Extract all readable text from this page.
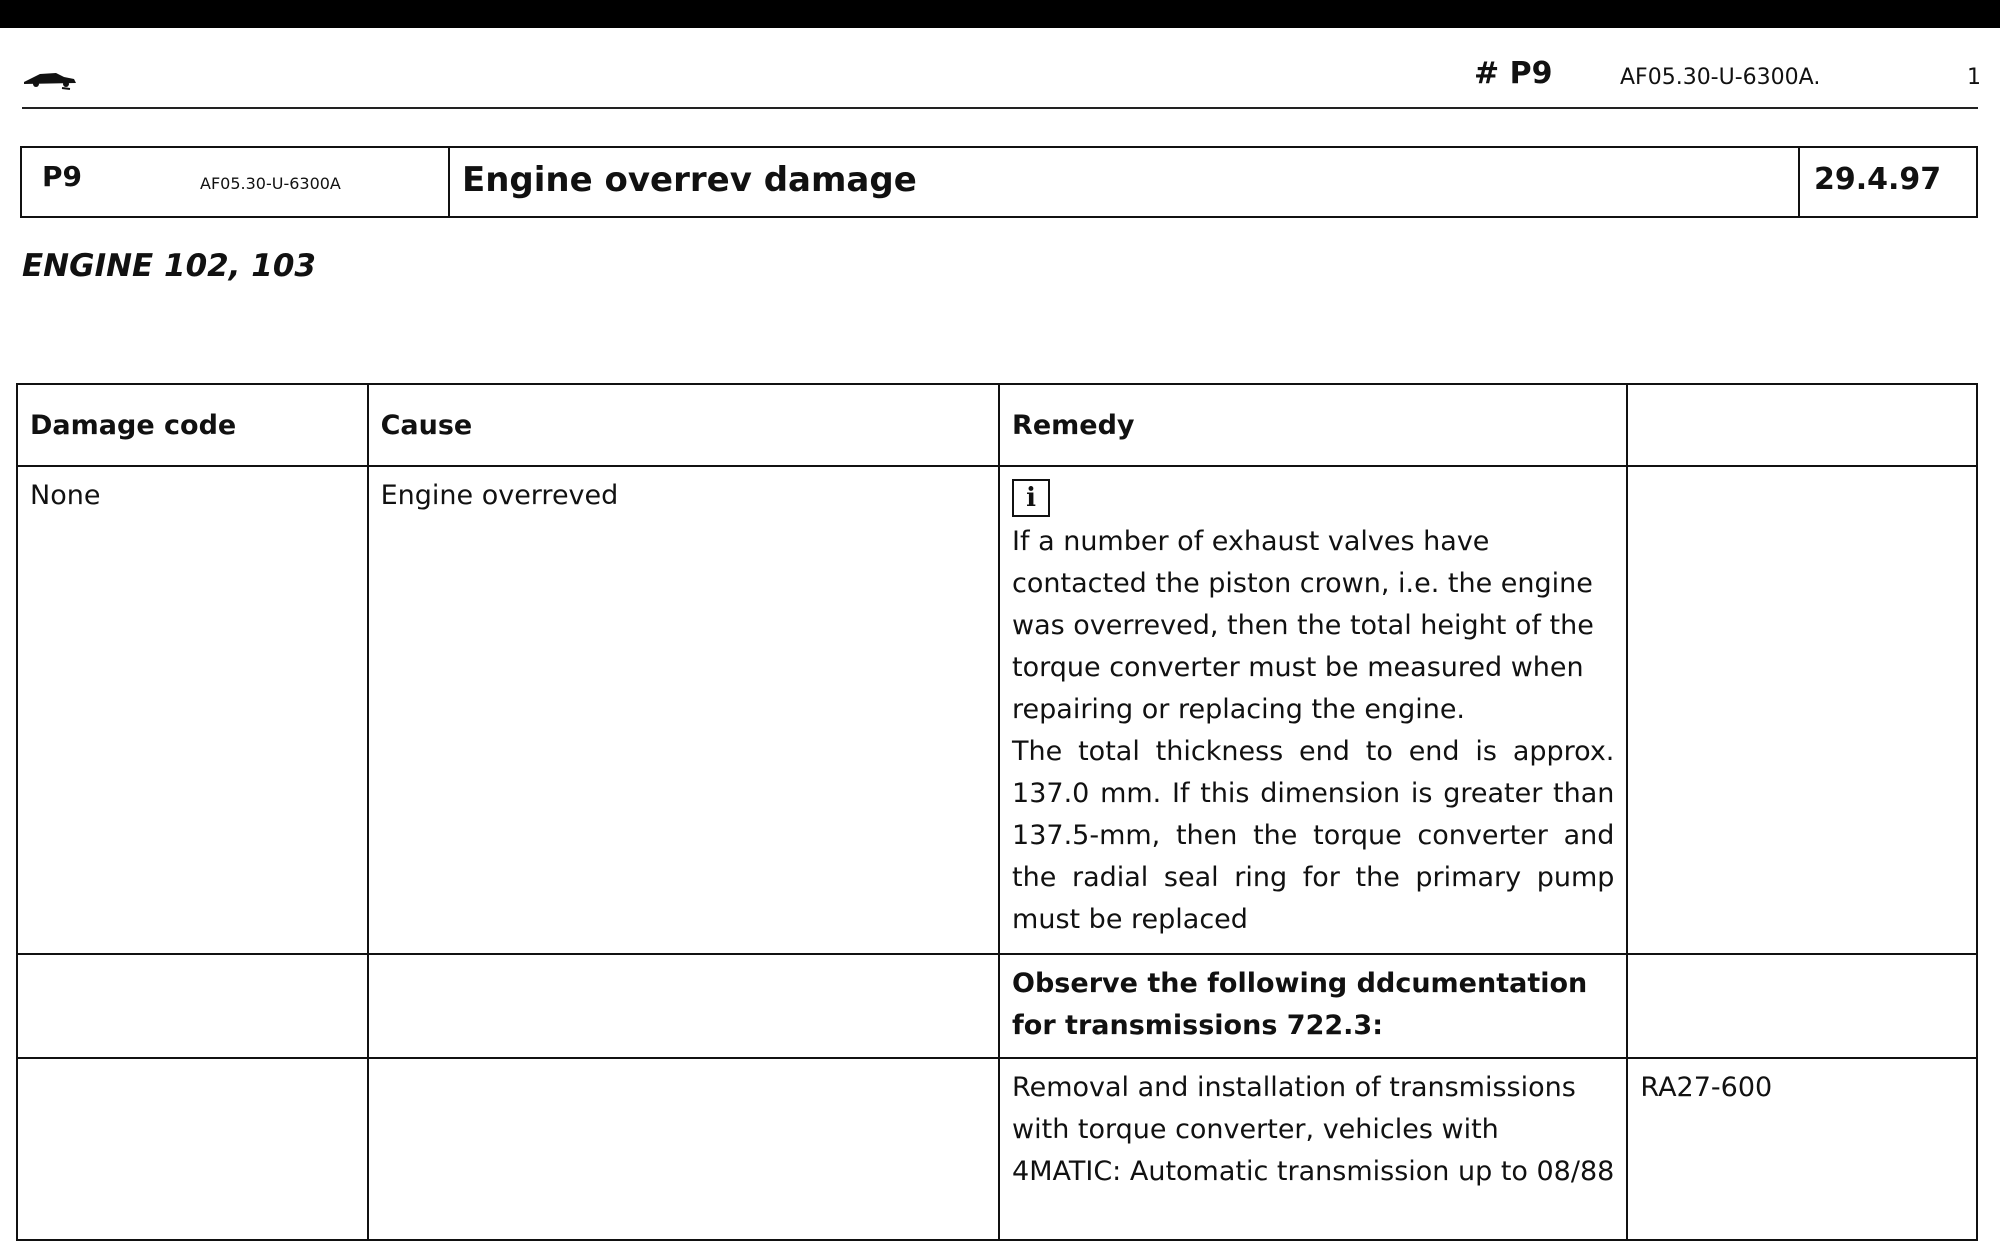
# P9	AF05.30-U-6300A.	1
P9	AF05.30-U-6300A	Engine overrev damage	29.4.97
ENGINE 102, 103
Damage code	Cause	Remedy	
None	Engine overreved	i
If a number of exhaust valves have contacted the piston crown, i.e. the engine was overreved, then the total height of the torque converter must be measured when repairing or replacing the engine.
The total thickness end to end is approx. 137.0 mm. If this dimension is greater than 137.5-mm, then the torque converter and the radial seal ring for the primary pump must be replaced	

		Observe the following ddcumentation for transmissions 722.3:	
		Removal and installation of transmissions with torque converter, vehicles with 4MATIC: Automatic transmission up to 08/88	RA27-600
